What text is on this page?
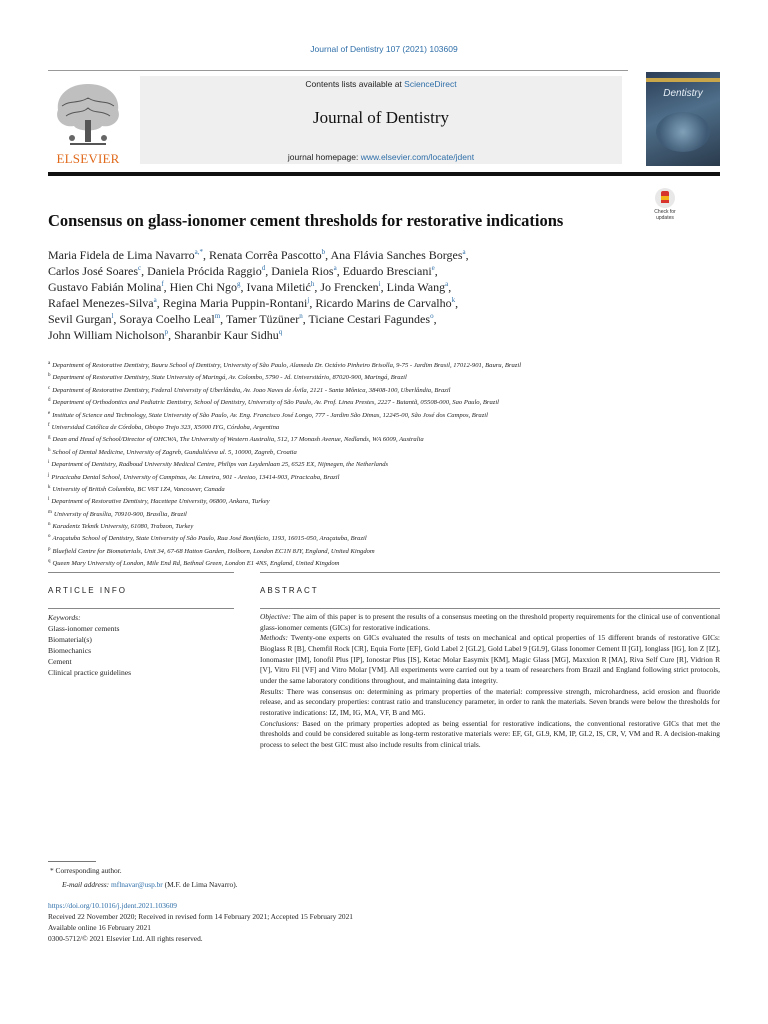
Journal of Dentistry 107 (2021) 103609
ELSEVIER
Contents lists available at ScienceDirect
Journal of Dentistry
journal homepage: www.elsevier.com/locate/jdent
Dentistry
Consensus on glass-ionomer cement thresholds for restorative indications	Check for
updates
Maria Fidela de Lima Navarro$^{a,*}$, Renata Corrêa Pascotto$^b$, Ana Flávia Sanches Borges$^a$,
Carlos José Soares$^c$, Daniela Prócida Raggio$^d$, Daniela Rios$^a$, Eduardo Bresciani$^e$,
Gustavo Fabián Molina$^f$, Hien Chi Ngo$^g$, Ivana Miletić$^h$, Jo Frencken$^i$, Linda Wang$^a$,
Rafael Menezes-Silva$^a$, Regina Maria Puppin-Rontani$^j$, Ricardo Marins de Carvalho$^k$,
Sevil Gurgan$^l$, Soraya Coelho Leal$^m$, Tamer Tüzüner$^n$, Ticiane Cestari Fagundes$^o$,
John William Nicholson$^p$, Sharanbir Kaur Sidhu$^q$
$^a$ Department of Restorative Dentistry, Bauru School of Dentistry, University of São Paulo, Alameda Dr. Octávio Pinheiro Brisolla, 9-75 - Jardim Brasil, 17012-901, Bauru, Brazil
$^b$ Department of Restorative Dentistry, State University of Maringá, Av. Colombo, 5790 - Jd. Universitário, 87020-900, Maringá, Brazil
$^c$ Department of Restorative Dentistry, Federal University of Uberlândia, Av. Joao Naves de Ávila, 2121 - Santa Mônica, 38408-100, Uberlândia, Brazil
$^d$ Department of Orthodontics and Pediatric Dentistry, School of Dentistry, University of São Paulo, Av. Prof. Lineu Prestes, 2227 - Butantã, 05508-000, Sao Paulo, Brazil
$^e$ Institute of Science and Technology, State University of São Paulo, Av. Eng. Francisco José Longo, 777 - Jardim São Dimas, 12245-00, São José dos Campos, Brazil
$^f$ Universidad Católica de Córdoba, Obispo Trejo 323, X5000 IYG, Córdoba, Argentina
$^g$ Dean and Head of School/Director of OHCWA, The University of Western Australia, 512, 17 Monash Avenue, Nedlands, WA 6009, Australia
$^h$ School of Dental Medicine, University of Zagreb, Gundulićeva ul. 5, 10000, Zagreb, Croatia
$^i$ Department of Dentistry, Radboud University Medical Centre, Philips van Leydenlaan 25, 6525 EX, Nijmegen, the Netherlands
$^j$ Piracicaba Dental School, University of Campinas, Av. Limeira, 901 - Areiao, 13414-903, Piracicaba, Brazil
$^k$ University of British Columbia, BC V6T 1Z4, Vancouver, Canada
$^l$ Department of Restorative Dentistry, Hacettepe University, 06800, Ankara, Turkey
$^m$ University of Brasília, 70910-900, Brasília, Brazil
$^n$ Karadeniz Teknik University, 61080, Trabzon, Turkey
$^o$ Araçatuba School of Dentistry, State University of São Paulo, Rua José Bonifácio, 1193, 16015-050, Araçatuba, Brazil
$^p$ Bluefield Centre for Biomaterials, Unit 34, 67-68 Hatton Garden, Holborn, London EC1N 8JY, England, United Kingdom
$^q$ Queen Mary University of London, Mile End Rd, Bethnal Green, London E1 4NS, England, United Kingdom
ARTICLE INFO	ABSTRACT
Keywords:
Glass-ionomer cements
Biomaterial(s)
Biomechanics
Cement
Clinical practice guidelines

Objective: The aim of this paper is to present the results of a consensus meeting on the threshold property requirements for the clinical use of conventional glass-ionomer cements (GICs) for restorative indications.

Methods: Twenty-one experts on GICs evaluated the results of tests on mechanical and optical properties of 15 different brands of restorative GICs: Bioglass R [B], Chemfil Rock [CR], Equia Forte [EF], Gold Label 2 [GL2], Gold Label 9 [GL9], Glass Ionomer Cement II [GI], Ionglass [IG], Ion Z [IZ], Ionomaster [IM], Ionofil Plus [IP], Ionostar Plus [IS], Ketac Molar Easymix [KM], Magic Glass [MG], Maxxion R [MA], Riva Self Cure [R], Vidrion R [V], Vitro Fil [VF] and Vitro Molar [VM]. All experiments were carried out by a team of researchers from Brazil and England following strict protocols, under the same laboratory conditions throughout, and maintaining data integrity.

Results: There was consensus on: determining as primary properties of the material: compressive strength, microhardness, acid erosion and fluoride release, and as secondary properties: contrast ratio and translucency parameter, in order to rank the materials. Seven brands were below the thresholds for restorative indications: IZ, IM, IG, MA, VF, B and MG.

Conclusions: Based on the primary properties adopted as being essential for restorative indications, the conventional restorative GICs that met the thresholds and could be considered suitable as long-term restorative materials were: EF, GI, GL9, KM, IP, GL2, IS, CR, V, VM and R. A decision-making process to select the best GIC must also include results from clinical trials.

* Corresponding author.
E-mail address: mflnavar@usp.br (M.F. de Lima Navarro).
https://doi.org/10.1016/j.jdent.2021.103609
Received 22 November 2020; Received in revised form 14 February 2021; Accepted 15 February 2021
Available online 16 February 2021
0300-5712/© 2021 Elsevier Ltd. All rights reserved.
